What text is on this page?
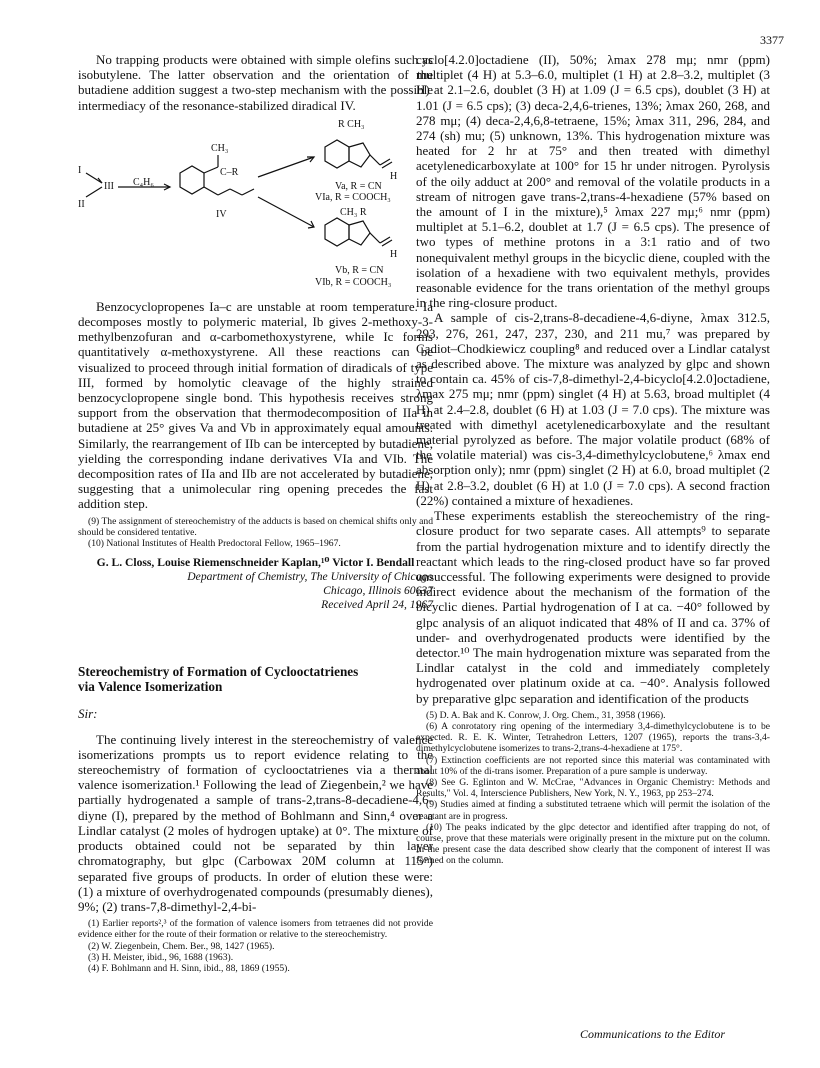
3377

No trapping products were obtained with simple olefins such as isobutylene. The latter observation and the orientation of the butadiene addition suggest a two-step mechanism with the possible intermediacy of the resonance-stabilized diradical IV.

R CH₃
CH₃
C–R
I
III
II
C₄H₆
IV
H
Va, R = CN
VIa, R = COOCH₃
CH₃ R
H
Vb, R = CN
VIb, R = COOCH₃

Benzocyclopropenes Ia–c are unstable at room temperature. Ia decomposes mostly to polymeric material, Ib gives 2-methoxy-3-methylbenzofuran and α-carbomethoxystyrene, while Ic forms quantitatively α-methoxystyrene. All these reactions can be visualized to proceed through initial formation of diradicals of type III, formed by homolytic cleavage of the highly strained benzocyclopropene single bond. This hypothesis receives strong support from the observation that thermodecomposition of IIa in butadiene at 25° gives Va and Vb in approximately equal amounts. Similarly, the rearrangement of IIb can be intercepted by butadiene, yielding the corresponding indane derivatives VIa and VIb. The decomposition rates of IIa and IIb are not accelerated by butadiene, suggesting that a unimolecular ring opening precedes the fast addition step.

(9) The assignment of stereochemistry of the adducts is based on chemical shifts only and should be considered tentative.

(10) National Institutes of Health Predoctoral Fellow, 1965–1967.

G. L. Closs, Louise Riemenschneider Kaplan,¹⁰ Victor I. Bendall

Department of Chemistry, The University of Chicago

Chicago, Illinois 60637

Received April 24, 1967

Stereochemistry of Formation of Cyclooctatrienes
via Valence Isomerization

Sir:

The continuing lively interest in the stereochemistry of valence isomerizations prompts us to report evidence relating to the stereochemistry of formation of cyclooctatrienes via a thermal valence isomerization.¹ Following the lead of Ziegenbein,² we have partially hydrogenated a sample of trans-2,trans-8-decadiene-4,6-diyne (I), prepared by the method of Bohlmann and Sinn,⁴ over a Lindlar catalyst (2 moles of hydrogen uptake) at 0°. The mixture of products obtained could not be separated by thin layer chromatography, but glpc (Carbowax 20M column at 115°) separated five groups of products. In order of elution these were: (1) a mixture of overhydrogenated compounds (presumably dienes), 9%; (2) trans-7,8-dimethyl-2,4-bi-

(1) Earlier reports²,³ of the formation of valence isomers from tetraenes did not provide evidence either for the route of their formation or relative to the stereochemistry.

(2) W. Ziegenbein, Chem. Ber., 98, 1427 (1965).

(3) H. Meister, ibid., 96, 1688 (1963).

(4) F. Bohlmann and H. Sinn, ibid., 88, 1869 (1955).

cyclo[4.2.0]octadiene (II), 50%; λmax 278 mμ; nmr (ppm) multiplet (4 H) at 5.3–6.0, multiplet (1 H) at 2.8–3.2, multiplet (3 H) at 2.1–2.6, doublet (3 H) at 1.09 (J = 6.5 cps), doublet (3 H) at 1.01 (J = 6.5 cps); (3) deca-2,4,6-trienes, 13%; λmax 260, 268, and 278 mμ; (4) deca-2,4,6,8-tetraene, 15%; λmax 311, 296, 284, and 274 (sh) mu; (5) unknown, 13%. This hydrogenation mixture was heated for 2 hr at 75° and then treated with dimethyl acetylenedicarboxylate at 100° for 15 hr under nitrogen. Pyrolysis of the oily adduct at 200° and removal of the volatile products in a stream of nitrogen gave trans-2,trans-4-hexadiene (57% based on the amount of I in the mixture),⁵ λmax 227 mμ;⁶ nmr (ppm) multiplet at 5.1–6.2, doublet at 1.7 (J = 6.5 cps). The presence of two types of methine protons in a 3:1 ratio and of two nonequivalent methyl groups in the bicyclic diene, coupled with the isolation of a hexadiene with two equivalent methyls, provides reasonable evidence for the trans orientation of the methyl groups in the ring-closure product.

A sample of cis-2,trans-8-decadiene-4,6-diyne, λmax 312.5, 293, 276, 261, 247, 237, 230, and 211 mu,⁷ was prepared by Cadiot–Chodkiewicz coupling⁸ and reduced over a Lindlar catalyst as described above. The mixture was analyzed by glpc and shown to contain ca. 45% of cis-7,8-dimethyl-2,4-bicyclo[4.2.0]octadiene, λmax 275 mμ; nmr (ppm) singlet (4 H) at 5.63, broad multiplet (4 H) at 2.4–2.8, doublet (6 H) at 1.03 (J = 7.0 cps). The mixture was treated with dimethyl acetylenedicarboxylate and the resultant material pyrolyzed as before. The major volatile product (68% of the volatile material) was cis-3,4-dimethylcyclobutene,⁶ λmax end absorption only); nmr (ppm) singlet (2 H) at 6.0, broad multiplet (2 H) at 2.8–3.2, doublet (6 H) at 1.0 (J = 7.0 cps). A second fraction (22%) contained a mixture of hexadienes.

These experiments establish the stereochemistry of the ring-closure product for two separate cases. All attempts⁹ to separate from the partial hydrogenation mixture and to identify directly the reactant which leads to the ring-closed product have so far proved unsuccessful. The following experiments were designed to provide indirect evidence about the mechanism of the formation of the bicyclic dienes. Partial hydrogenation of I at ca. −40° followed by glpc analysis of an aliquot indicated that 48% of II and ca. 37% of under- and overhydrogenated products were identified by the detector.¹⁰ The main hydrogenation mixture was separated from the Lindlar catalyst in the cold and immediately completely hydrogenated over platinum oxide at ca. −40°. Analysis followed by preparative glpc separation and identification of the products

(5) D. A. Bak and K. Conrow, J. Org. Chem., 31, 3958 (1966).

(6) A conrotatory ring opening of the intermediary 3,4-dimethylcyclobutene is to be expected. R. E. K. Winter, Tetrahedron Letters, 1207 (1965), reports the trans-3,4-dimethylcyclobutene isomerizes to trans-2,trans-4-hexadiene at 175°.

(7) Extinction coefficients are not reported since this material was contaminated with about 10% of the di-trans isomer. Preparation of a pure sample is underway.

(8) See G. Eglinton and W. McCrae, "Advances in Organic Chemistry: Methods and Results," Vol. 4, Interscience Publishers, New York, N. Y., 1963, pp 253–274.

(9) Studies aimed at finding a substituted tetraene which will permit the isolation of the reactant are in progress.

(10) The peaks indicated by the glpc detector and identified after trapping do not, of course, prove that these materials were originally present in the mixture put on the column. In the present case the data described show clearly that the component of interest II was formed on the column.

Communications to the Editor
